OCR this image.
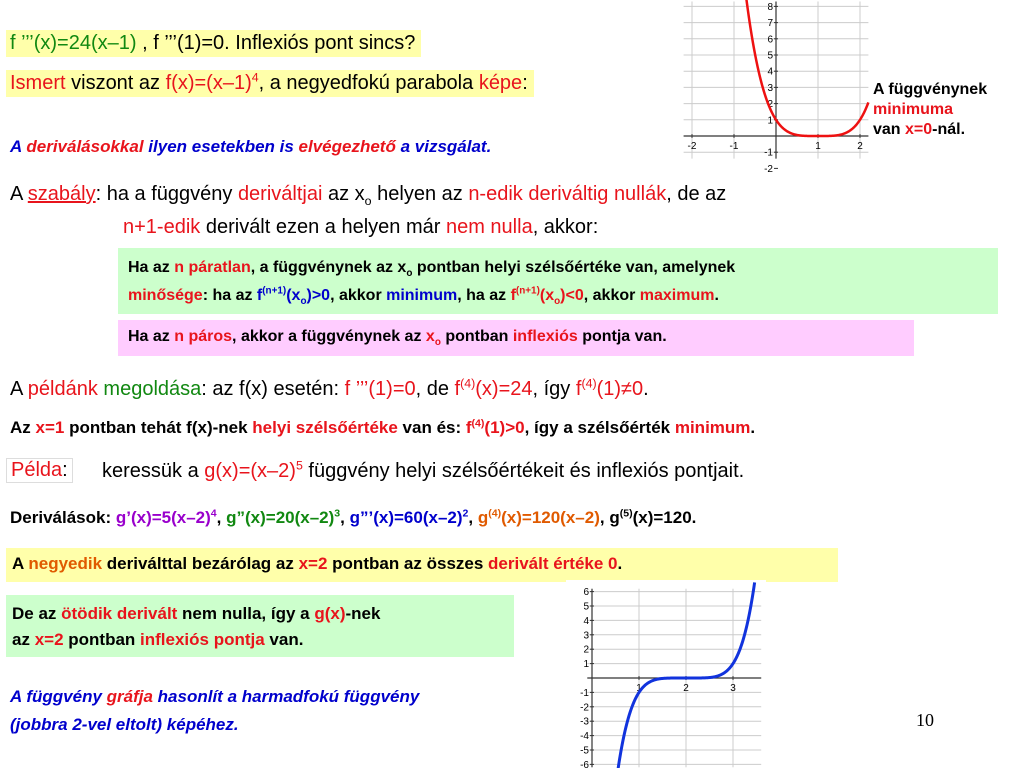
f ’’’(x)=24(x–1) , f ’’’(1)=0. Inflexiós pont sincs?
Ismert viszont az $f(x)=(x-1)^4$, a negyedfokú parabola képe:
A deriválásokkal ilyen esetekben is elvégezhető a vizsgálat.
8
7
6
5
4
3
2
1
-1
-2
-2	-1	1	2
A függvénynek
minimuma
van x=0-nál.
A szabály: ha a függvény deriváltjai az $x_o$ helyen az n-edik deriváltig nullák, de az
n+1-edik derivált ezen a helyen már nem nulla, akkor:
Ha az n páratlan, a függvénynek az $x_o$ pontban helyi szélsőértéke van, amelynek
minősége: ha az $f^{(n+1)}(x_o)>0$, akkor minimum, ha az $f^{(n+1)}(x_o)<0$, akkor maximum.
Ha az n páros, akkor a függvénynek az $x_o$ pontban inflexiós pontja van.
A példánk megoldása: az f(x) esetén: f ’’’(1)=0, de $f^{(4)}(x)=24$, így $f^{(4)}(1)\ne 0$.
Az x=1 pontban tehát f(x)-nek helyi szélsőértéke van és: $f^{(4)}(1)>0$, így a szélsőérték minimum.
Példa: keressük a $g(x)=(x-2)^5$ függvény helyi szélsőértékeit és inflexiós pontjait.
Deriválások: $g’(x)=5(x-2)^4$, $g”(x)=20(x-2)^3$, $g”’(x)=60(x-2)^2$, $g^{(4)}(x)=120(x-2)$, $g^{(5)}(x)=120$.
A negyedik deriválttal bezárólag az x=2 pontban az összes derivált értéke 0.
De az ötödik derivált nem nulla, így a g(x)-nek
az x=2 pontban inflexiós pontja van.
A függvény gráfja hasonlít a harmadfokú függvény
(jobbra 2-vel eltolt) képéhez.
6
5
4
3
2
1
-1
-2
-3
-4
-5
-6
1	2	3
10
